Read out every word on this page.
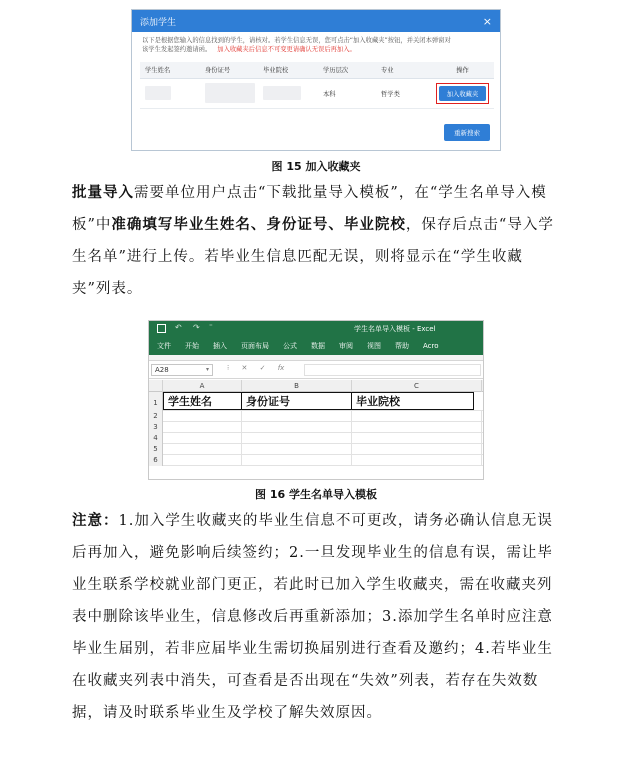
添加学生	×
以下是根据您输入的信息找到的学生，请核对。若学生信息无误，您可点击“加入收藏夹”按钮，并关闭本弹窗对
该学生发起签约邀请函。 加入收藏夹后信息不可变更请确认无误后再加入。
学生姓名	身份证号	毕业院校	学历层次	专业	操作
			本科	哲学类	加入收藏夹
重新搜索
图 15 加入收藏夹
批量导入需要单位用户点击“下载批量导入模板”，在“学生名单导入模板”中准确填写毕业生姓名、身份证号、毕业院校，保存后点击“导入学生名单”进行上传。若毕业生信息匹配无误，则将显示在“学生收藏夹”列表。
↶ ↷ ⁼	学生名单导入模板 - Excel
文件 开始 插入 页面布局 公式 数据 审阅 视图 帮助 Acro
A28	▾	⁝ ✕ ✓ fx
A	B	C
1 学生姓名	身份证号	毕业院校
2
3
4
5
6
图 16 学生名单导入模板
注意：1.加入学生收藏夹的毕业生信息不可更改，请务必确认信息无误后再加入，避免影响后续签约；2.一旦发现毕业生的信息有误，需让毕业生联系学校就业部门更正，若此时已加入学生收藏夹，需在收藏夹列表中删除该毕业生，信息修改后再重新添加；3.添加学生名单时应注意毕业生届别，若非应届毕业生需切换届别进行查看及邀约；4.若毕业生在收藏夹列表中消失，可查看是否出现在“失效”列表，若存在失效数据，请及时联系毕业生及学校了解失效原因。
